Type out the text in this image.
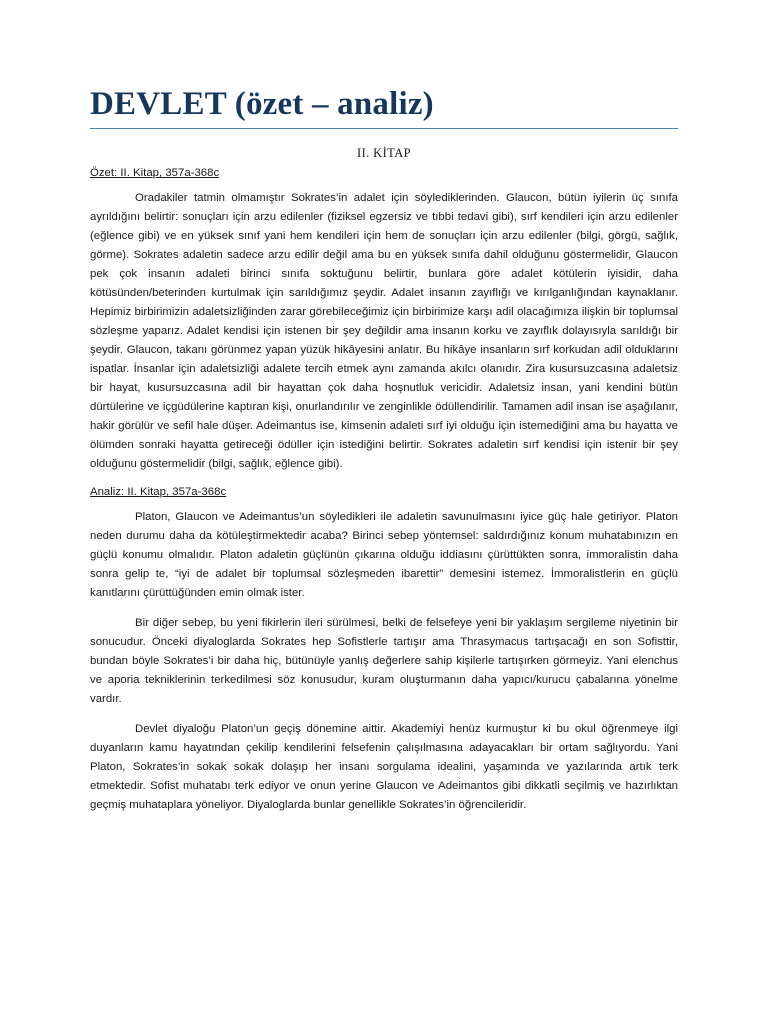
DEVLET (özet – analiz)
II. KİTAP
Özet: II. Kitap, 357a-368c

Oradakiler tatmin olmamıştır Sokrates’in adalet için söylediklerinden. Glaucon, bütün iyilerin üç sınıfa ayrıldığını belirtir: sonuçları için arzu edilenler (fiziksel egzersiz ve tıbbi tedavi gibi), sırf kendileri için arzu edilenler (eğlence gibi) ve en yüksek sınıf yani hem kendileri için hem de sonuçları için arzu edilenler (bilgi, görgü, sağlık, görme). Sokrates adaletin sadece arzu edilir değil ama bu en yüksek sınıfa dahil olduğunu göstermelidir, Glaucon pek çok insanın adaleti birinci sınıfa soktuğunu belirtir, bunlara göre adalet kötülerin iyisidir, daha kötüsünden/beterinden kurtulmak için sarıldığımız şeydir. Adalet insanın zayıflığı ve kırılganlığından kaynaklanır. Hepimiz birbirimizin adaletsizliğinden zarar görebileceğimiz için birbirimize karşı adil olacağımıza ilişkin bir toplumsal sözleşme yaparız. Adalet kendisi için istenen bir şey değildir ama insanın korku ve zayıflık dolayısıyla sarıldığı bir şeydir. Glaucon, takanı görünmez yapan yüzük hikâyesini anlatır. Bu hikâye insanların sırf korkudan adil olduklarını ispatlar. İnsanlar için adaletsizliği adalete tercih etmek aynı zamanda akılcı olanıdır. Zira kusursuzcasına adaletsiz bir hayat, kusursuzcasına adil bir hayattan çok daha hoşnutluk vericidir. Adaletsiz insan, yani kendini bütün dürtülerine ve içgüdülerine kaptıran kişi, onurlandırılır ve zenginlikle ödüllendirilir. Tamamen adil insan ise aşağılanır, hakir görülür ve sefil hale düşer. Adeimantus ise, kimsenin adaleti sırf iyi olduğu için istemediğini ama bu hayatta ve ölümden sonraki hayatta getireceği ödüller için istediğini belirtir. Sokrates adaletin sırf kendisi için istenir bir şey olduğunu göstermelidir (bilgi, sağlık, eğlence gibi).

Analiz: II. Kitap, 357a-368c

Platon, Glaucon ve Adeimantus’un söyledikleri ile adaletin savunulmasını iyice güç hale getiriyor. Platon neden durumu daha da kötüleştirmektedir acaba? Birinci sebep yöntemsel: saldırdığınız konum muhatabınızın en güçlü konumu olmalıdır. Platon adaletin güçlünün çıkarına olduğu iddiasını çürüttükten sonra, immoralistin daha sonra gelip te, “iyi de adalet bir toplumsal sözleşmeden ibarettir” demesini istemez. İmmoralistlerin en güçlü kanıtlarını çürüttüğünden emin olmak ister.

Bir diğer sebep, bu yeni fikirlerin ileri sürülmesi, belki de felsefeye yeni bir yaklaşım sergileme niyetinin bir sonucudur. Önceki diyaloglarda Sokrates hep Sofistlerle tartışır ama Thrasymacus tartışacağı en son Sofisttir, bundan böyle Sokrates’i bir daha hiç, bütünüyle yanlış değerlere sahip kişilerle tartışırken görmeyiz. Yani elenchus ve aporia tekniklerinin terkedilmesi söz konusudur, kuram oluşturmanın daha yapıcı/kurucu çabalarına yönelme vardır.

Devlet diyaloğu Platon’un geçiş dönemine aittir. Akademiyi henüz kurmuştur ki bu okul öğrenmeye ilgi duyanların kamu hayatından çekilip kendilerini felsefenin çalışılmasına adayacakları bir ortam sağlıyordu. Yani Platon, Sokrates’in sokak sokak dolaşıp her insanı sorgulama idealini, yaşamında ve yazılarında artık terk etmektedir. Sofist muhatabı terk ediyor ve onun yerine Glaucon ve Adeimantos gibi dikkatli seçilmiş ve hazırlıktan geçmiş muhataplara yöneliyor. Diyaloglarda bunlar genellikle Sokrates’in öğrencileridir.
